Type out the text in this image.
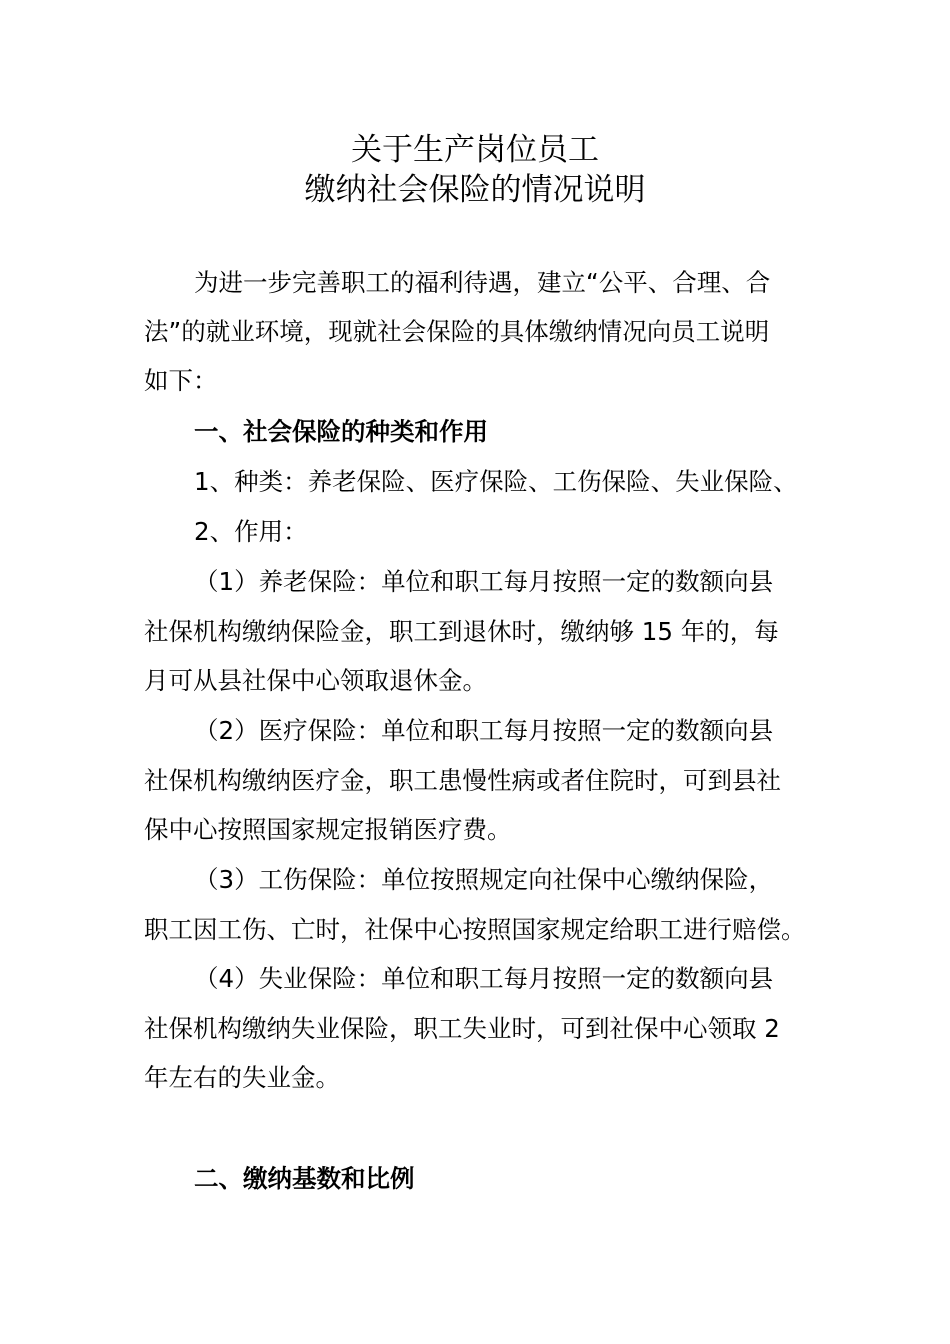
关于生产岗位员工
缴纳社会保险的情况说明
为进一步完善职工的福利待遇，建立“公平、合理、合
法”的就业环境，现就社会保险的具体缴纳情况向员工说明
如下：
一、社会保险的种类和作用
1、种类：养老保险、医疗保险、工伤保险、失业保险、
2、作用：
（1）养老保险：单位和职工每月按照一定的数额向县
社保机构缴纳保险金，职工到退休时，缴纳够 15 年的，每
月可从县社保中心领取退休金。
（2）医疗保险：单位和职工每月按照一定的数额向县
社保机构缴纳医疗金，职工患慢性病或者住院时，可到县社
保中心按照国家规定报销医疗费。
（3）工伤保险：单位按照规定向社保中心缴纳保险，
职工因工伤、亡时，社保中心按照国家规定给职工进行赔偿。
（4）失业保险：单位和职工每月按照一定的数额向县
社保机构缴纳失业保险，职工失业时，可到社保中心领取 2
年左右的失业金。
二、缴纳基数和比例
